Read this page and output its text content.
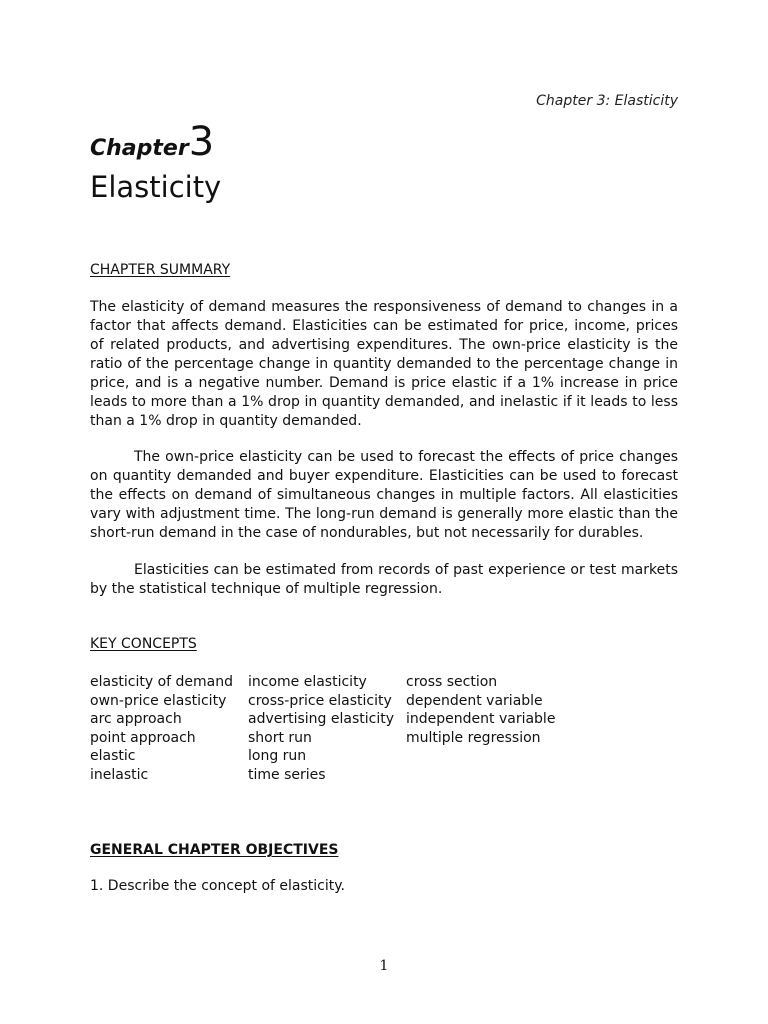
Chapter 3: Elasticity
Chapter3
Elasticity
CHAPTER SUMMARY

The elasticity of demand measures the responsiveness of demand to changes in a factor that affects demand. Elasticities can be estimated for price, income, prices of related products, and advertising expenditures. The own-price elasticity is the ratio of the percentage change in quantity demanded to the percentage change in price, and is a negative number. Demand is price elastic if a 1% increase in price leads to more than a 1% drop in quantity demanded, and inelastic if it leads to less than a 1% drop in quantity demanded.

The own-price elasticity can be used to forecast the effects of price changes on quantity demanded and buyer expenditure. Elasticities can be used to forecast the effects on demand of simultaneous changes in multiple factors. All elasticities vary with adjustment time. The long-run demand is generally more elastic than the short-run demand in the case of nondurables, but not necessarily for durables.

Elasticities can be estimated from records of past experience or test markets by the statistical technique of multiple regression.

KEY CONCEPTS
elasticity of demand
own-price elasticity
arc approach
point approach
elastic
inelastic
income elasticity
cross-price elasticity
advertising elasticity
short run
long run
time series
cross section
dependent variable
independent variable
multiple regression
GENERAL CHAPTER OBJECTIVES
1. Describe the concept of elasticity.
1
